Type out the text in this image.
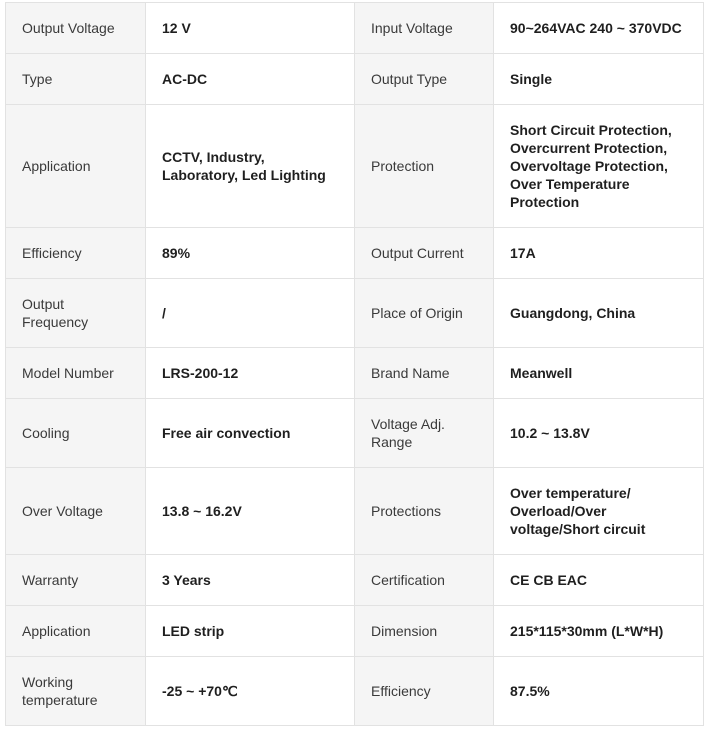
Output Voltage	12 V	Input Voltage	90~264VAC 240 ~ 370VDC
Type	AC-DC	Output Type	Single
Application	CCTV, Industry, Laboratory, Led Lighting	Protection	Short Circuit Protection, Overcurrent Protection, Overvoltage Protection, Over Temperature Protection
Efficiency	89%	Output Current	17A
Output Frequency	/	Place of Origin	Guangdong, China
Model Number	LRS-200-12	Brand Name	Meanwell
Cooling	Free air convection	Voltage Adj. Range	10.2 ~ 13.8V
Over Voltage	13.8 ~ 16.2V	Protections	Over temperature/ Overload/Over voltage/Short circuit
Warranty	3 Years	Certification	CE CB EAC
Application	LED strip	Dimension	215*115*30mm (L*W*H)
Working temperature	-25 ~ +70℃	Efficiency	87.5%
